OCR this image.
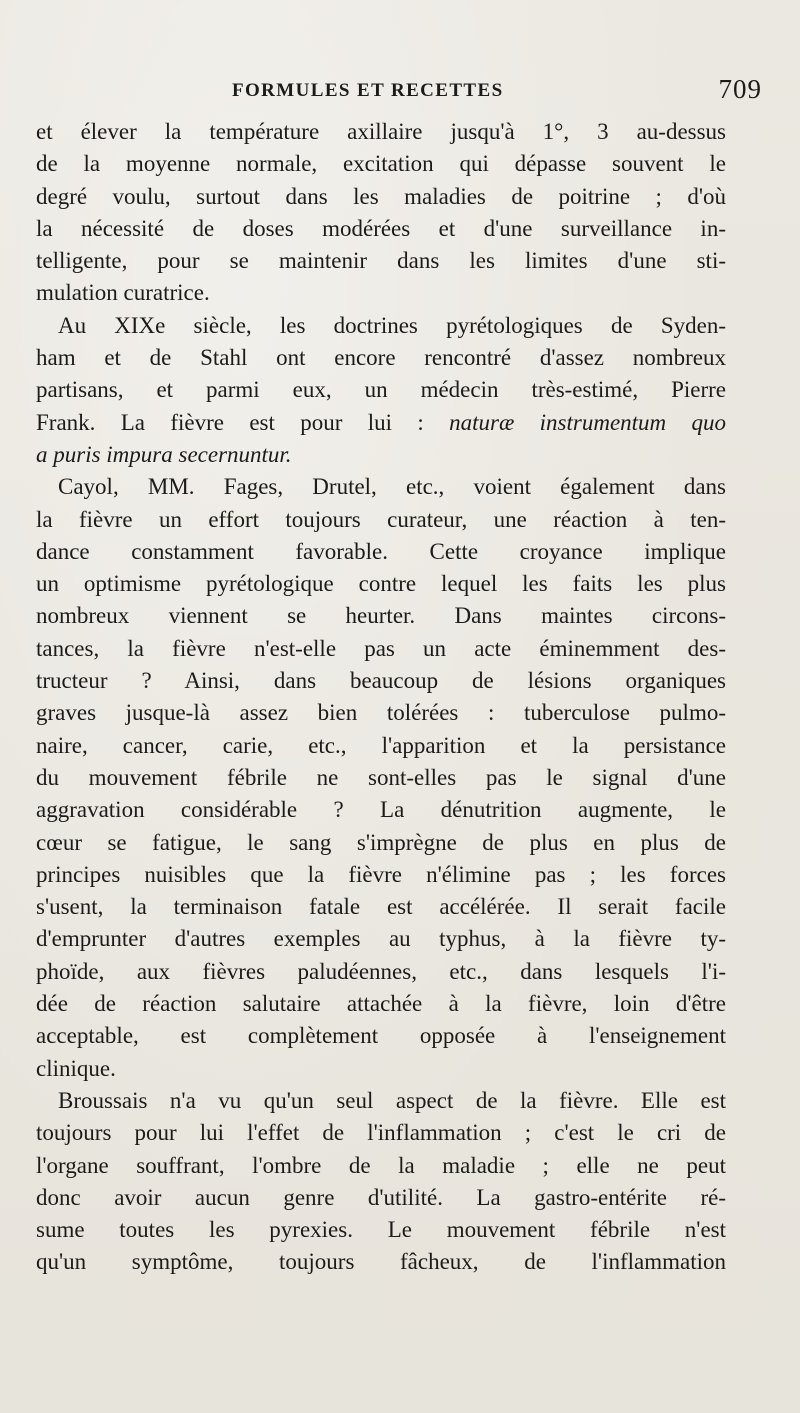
FORMULES ET RECETTES	709
et élever la température axillaire jusqu'à 1°, 3 au-dessus
de la moyenne normale, excitation qui dépasse souvent le
degré voulu, surtout dans les maladies de poitrine ; d'où
la nécessité de doses modérées et d'une surveillance in-
telligente, pour se maintenir dans les limites d'une sti-
mulation curatrice.
Au XIXe siècle, les doctrines pyrétologiques de Syden-
ham et de Stahl ont encore rencontré d'assez nombreux
partisans, et parmi eux, un médecin très-estimé, Pierre
Frank. La fièvre est pour lui : naturæ instrumentum quo
a puris impura secernuntur.
Cayol, MM. Fages, Drutel, etc., voient également dans
la fièvre un effort toujours curateur, une réaction à ten-
dance constamment favorable. Cette croyance implique
un optimisme pyrétologique contre lequel les faits les plus
nombreux viennent se heurter. Dans maintes circons-
tances, la fièvre n'est-elle pas un acte éminemment des-
tructeur ? Ainsi, dans beaucoup de lésions organiques
graves jusque-là assez bien tolérées : tuberculose pulmo-
naire, cancer, carie, etc., l'apparition et la persistance
du mouvement fébrile ne sont-elles pas le signal d'une
aggravation considérable ? La dénutrition augmente, le
cœur se fatigue, le sang s'imprègne de plus en plus de
principes nuisibles que la fièvre n'élimine pas ; les forces
s'usent, la terminaison fatale est accélérée. Il serait facile
d'emprunter d'autres exemples au typhus, à la fièvre ty-
phoïde, aux fièvres paludéennes, etc., dans lesquels l'i-
dée de réaction salutaire attachée à la fièvre, loin d'être
acceptable, est complètement opposée à l'enseignement
clinique.
Broussais n'a vu qu'un seul aspect de la fièvre. Elle est
toujours pour lui l'effet de l'inflammation ; c'est le cri de
l'organe souffrant, l'ombre de la maladie ; elle ne peut
donc avoir aucun genre d'utilité. La gastro-entérite ré-
sume toutes les pyrexies. Le mouvement fébrile n'est
qu'un symptôme, toujours fâcheux, de l'inflammation
